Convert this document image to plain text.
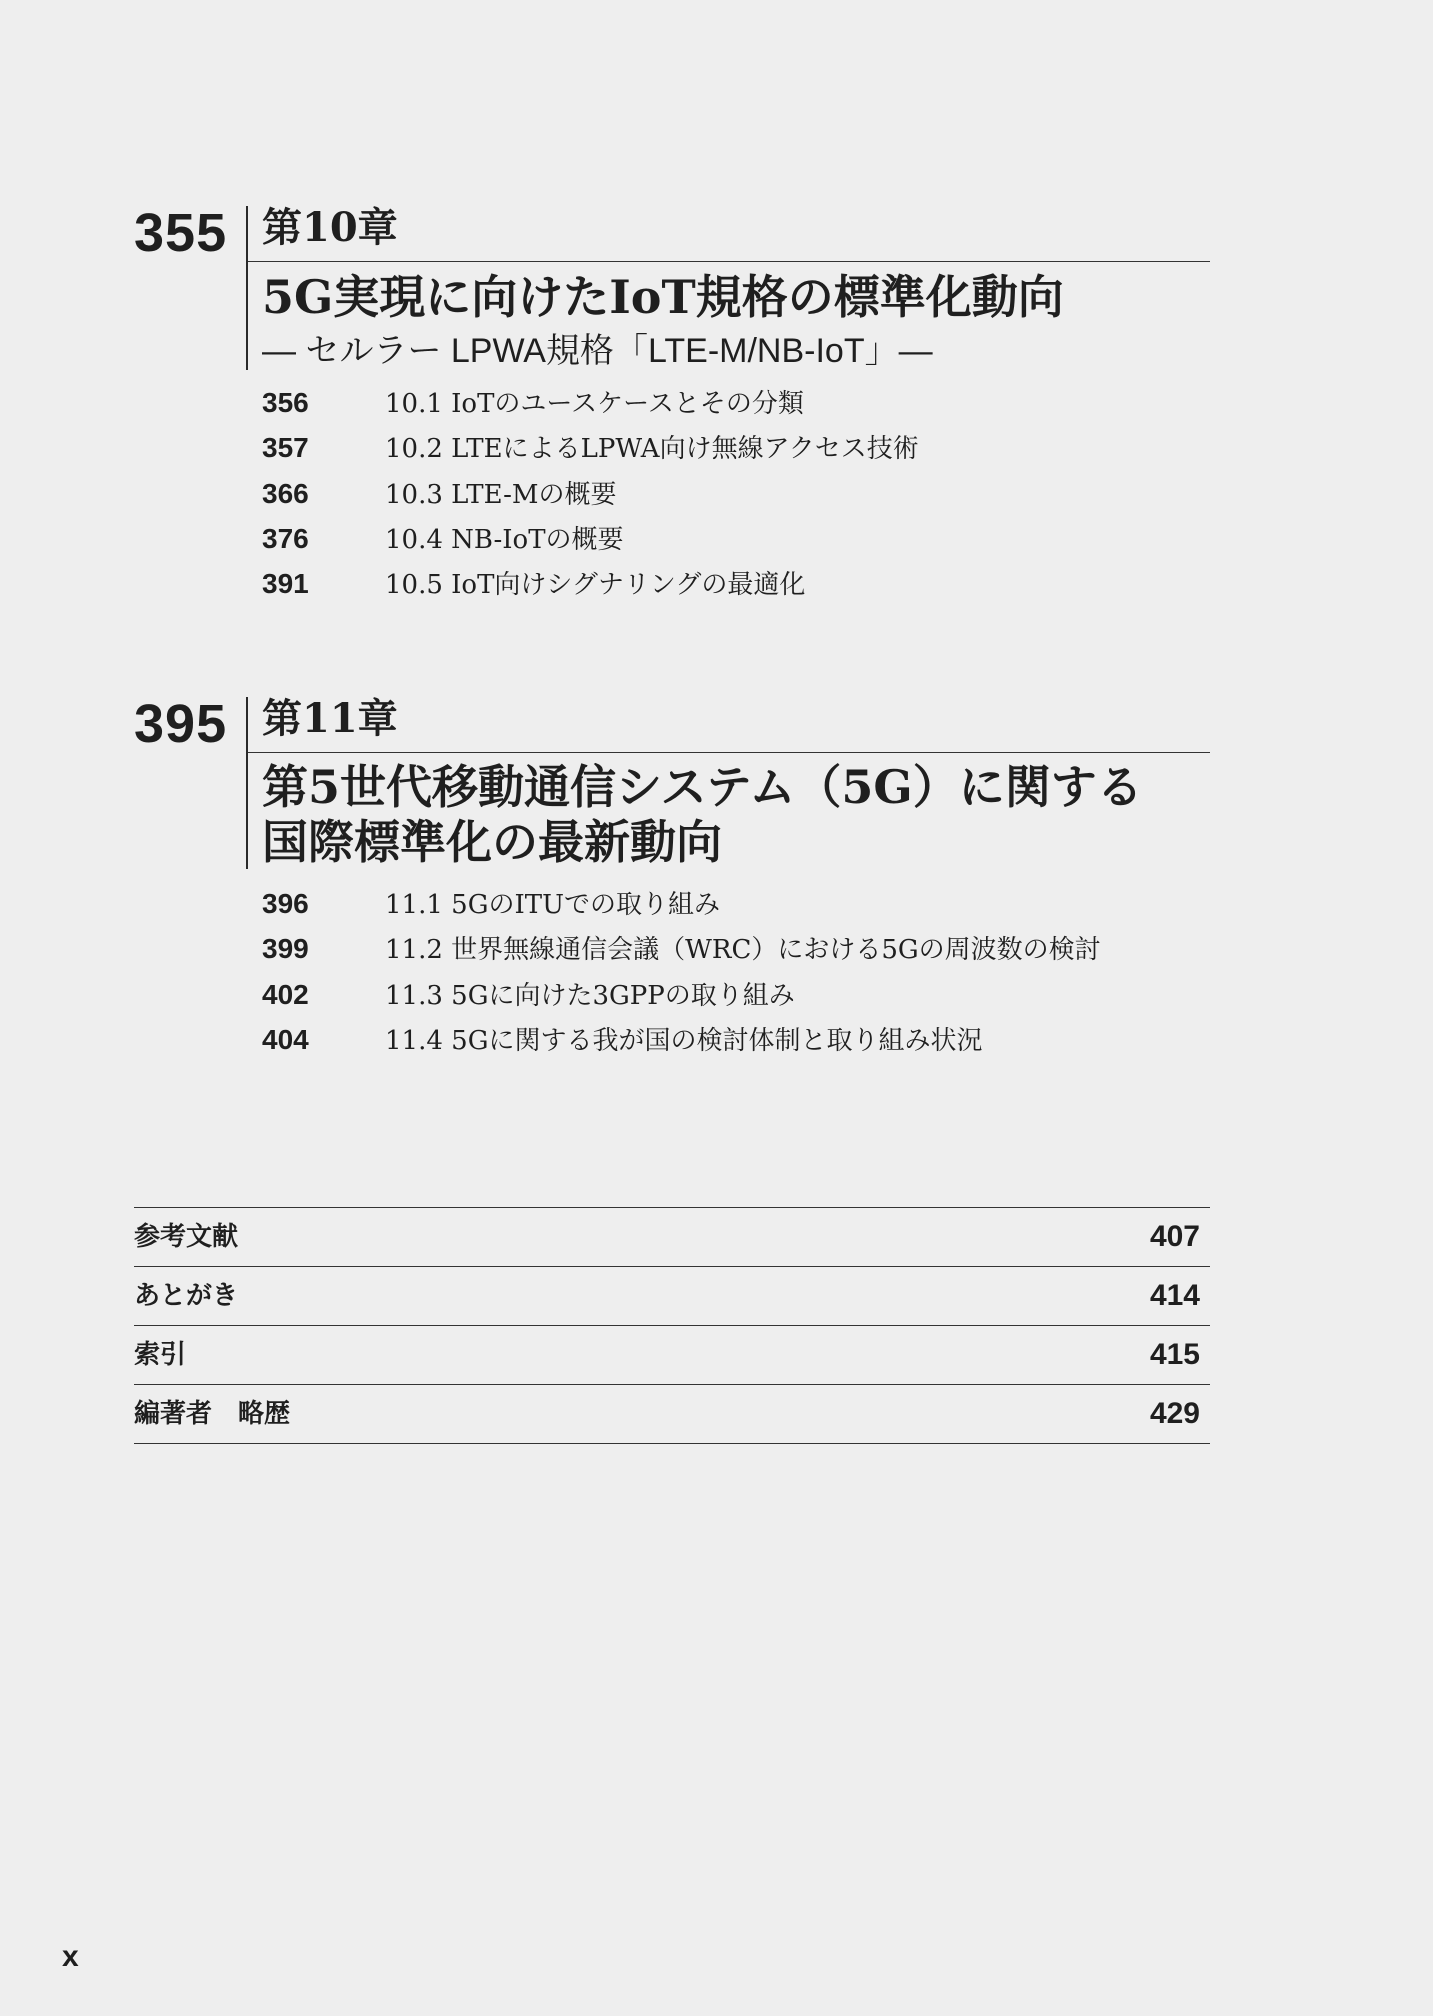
355 第10章
5G実現に向けたIoT規格の標準化動向
― セルラー LPWA規格「LTE-M/NB-IoT」―
356	10.1 IoTのユースケースとその分類
357	10.2 LTEによるLPWA向け無線アクセス技術
366	10.3 LTE-Mの概要
376	10.4 NB-IoTの概要
391	10.5 IoT向けシグナリングの最適化
395 第11章
第5世代移動通信システム（5G）に関する
国際標準化の最新動向
396	11.1 5GのITUでの取り組み
399	11.2 世界無線通信会議（WRC）における5Gの周波数の検討
402	11.3 5Gに向けた3GPPの取り組み
404	11.4 5Gに関する我が国の検討体制と取り組み状況
参考文献	407
あとがき	414
索引	415
編著者　略歴	429
x
